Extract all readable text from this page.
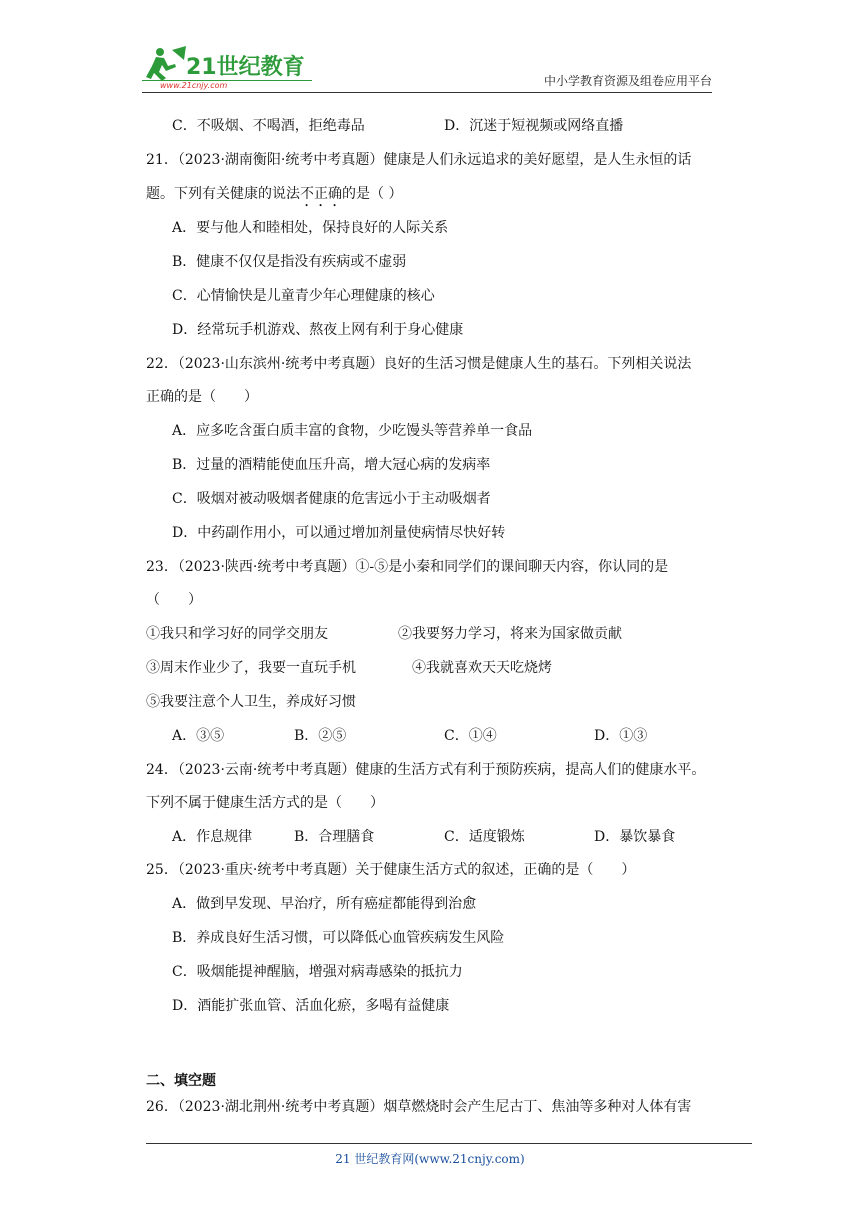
21世纪教育
www.21cnjy.com	中小学教育资源及组卷应用平台
C．不吸烟、不喝酒，拒绝毒品	D．沉迷于短视频或网络直播
21．（2023·湖南衡阳·统考中考真题）健康是人们永远追求的美好愿望，是人生永恒的话
题。下列有关健康的说法不正确的是（ ）
A．要与他人和睦相处，保持良好的人际关系
B．健康不仅仅是指没有疾病或不虚弱
C．心情愉快是儿童青少年心理健康的核心
D．经常玩手机游戏、熬夜上网有利于身心健康
22．（2023·山东滨州·统考中考真题）良好的生活习惯是健康人生的基石。下列相关说法
正确的是（　　）
A．应多吃含蛋白质丰富的食物，少吃馒头等营养单一食品
B．过量的酒精能使血压升高，增大冠心病的发病率
C．吸烟对被动吸烟者健康的危害远小于主动吸烟者
D．中药副作用小，可以通过增加剂量使病情尽快好转
23．（2023·陕西·统考中考真题）①-⑤是小秦和同学们的课间聊天内容，你认同的是
（　　）
①我只和学习好的同学交朋友	②我要努力学习，将来为国家做贡献
③周末作业少了，我要一直玩手机	④我就喜欢天天吃烧烤
⑤我要注意个人卫生，养成好习惯
A．③⑤	B．②⑤	C．①④	D．①③
24．（2023·云南·统考中考真题）健康的生活方式有利于预防疾病，提高人们的健康水平。
下列不属于健康生活方式的是（　　）
A．作息规律	B．合理膳食	C．适度锻炼	D．暴饮暴食
25．（2023·重庆·统考中考真题）关于健康生活方式的叙述，正确的是（　　）
A．做到早发现、早治疗，所有癌症都能得到治愈
B．养成良好生活习惯，可以降低心血管疾病发生风险
C．吸烟能提神醒脑，增强对病毒感染的抵抗力
D．酒能扩张血管、活血化瘀，多喝有益健康
二、填空题
26．（2023·湖北荆州·统考中考真题）烟草燃烧时会产生尼古丁、焦油等多种对人体有害
21 世纪教育网(www.21cnjy.com)
